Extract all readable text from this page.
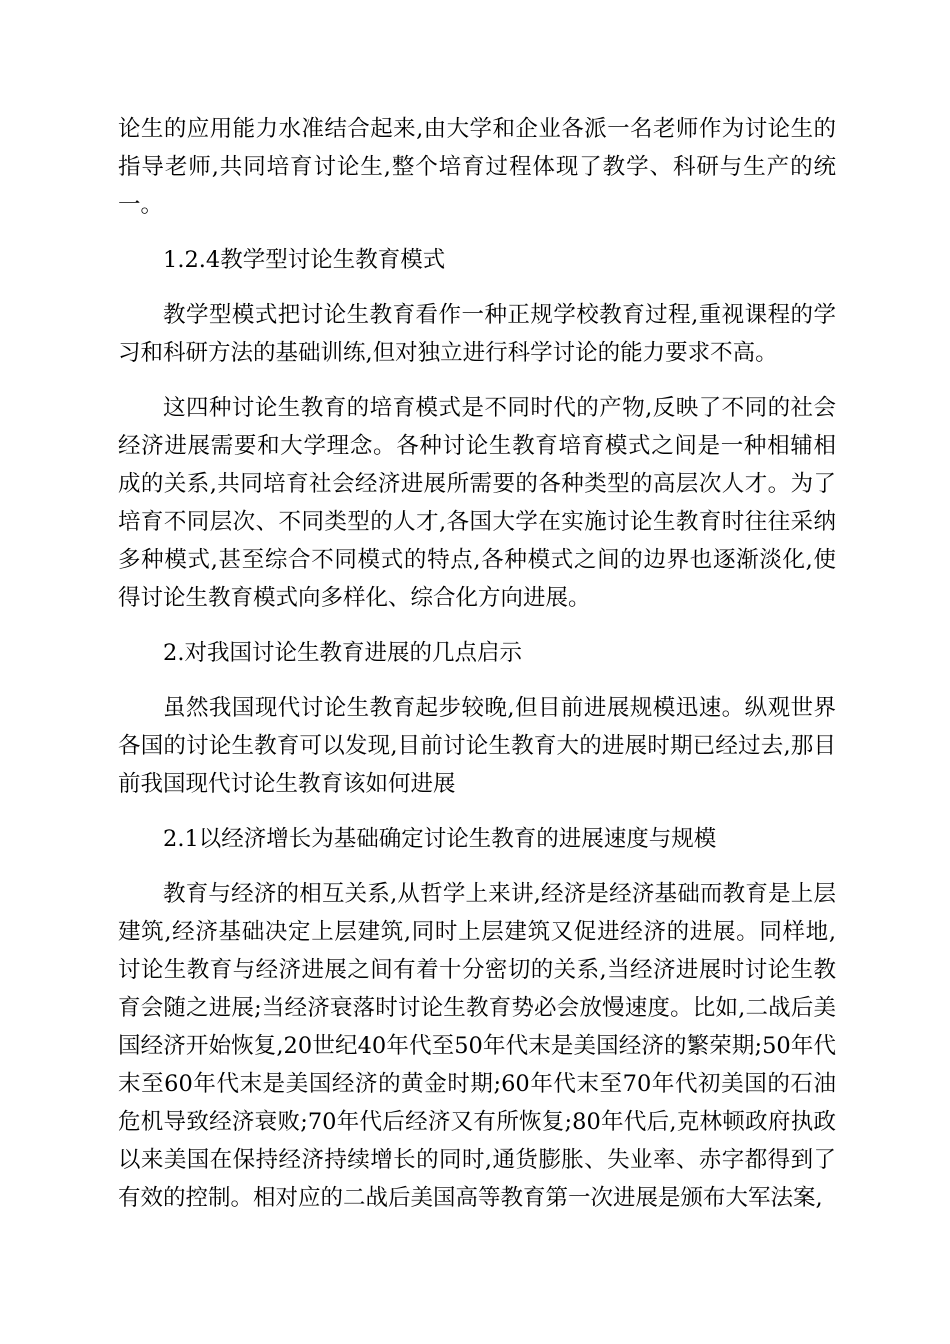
论生的应用能力水准结合起来,由大学和企业各派一名老师作为讨论生的指导老师,共同培育讨论生,整个培育过程体现了教学、科研与生产的统一。

1.2.4教学型讨论生教育模式

教学型模式把讨论生教育看作一种正规学校教育过程,重视课程的学习和科研方法的基础训练,但对独立进行科学讨论的能力要求不高。

这四种讨论生教育的培育模式是不同时代的产物,反映了不同的社会经济进展需要和大学理念。各种讨论生教育培育模式之间是一种相辅相成的关系,共同培育社会经济进展所需要的各种类型的高层次人才。为了培育不同层次、不同类型的人才,各国大学在实施讨论生教育时往往采纳多种模式,甚至综合不同模式的特点,各种模式之间的边界也逐渐淡化,使得讨论生教育模式向多样化、综合化方向进展。

2.对我国讨论生教育进展的几点启示

虽然我国现代讨论生教育起步较晚,但目前进展规模迅速。纵观世界各国的讨论生教育可以发现,目前讨论生教育大的进展时期已经过去,那目前我国现代讨论生教育该如何进展

2.1以经济增长为基础确定讨论生教育的进展速度与规模

教育与经济的相互关系,从哲学上来讲,经济是经济基础而教育是上层建筑,经济基础决定上层建筑,同时上层建筑又促进经济的进展。同样地,讨论生教育与经济进展之间有着十分密切的关系,当经济进展时讨论生教育会随之进展;当经济衰落时讨论生教育势必会放慢速度。比如,二战后美国经济开始恢复,20世纪40年代至50年代末是美国经济的繁荣期;50年代末至60年代末是美国经济的黄金时期;60年代末至70年代初美国的石油危机导致经济衰败;70年代后经济又有所恢复;80年代后,克林顿政府执政以来美国在保持经济持续增长的同时,通货膨胀、失业率、赤字都得到了有效的控制。相对应的二战后美国高等教育第一次进展是颁布大军法案,
